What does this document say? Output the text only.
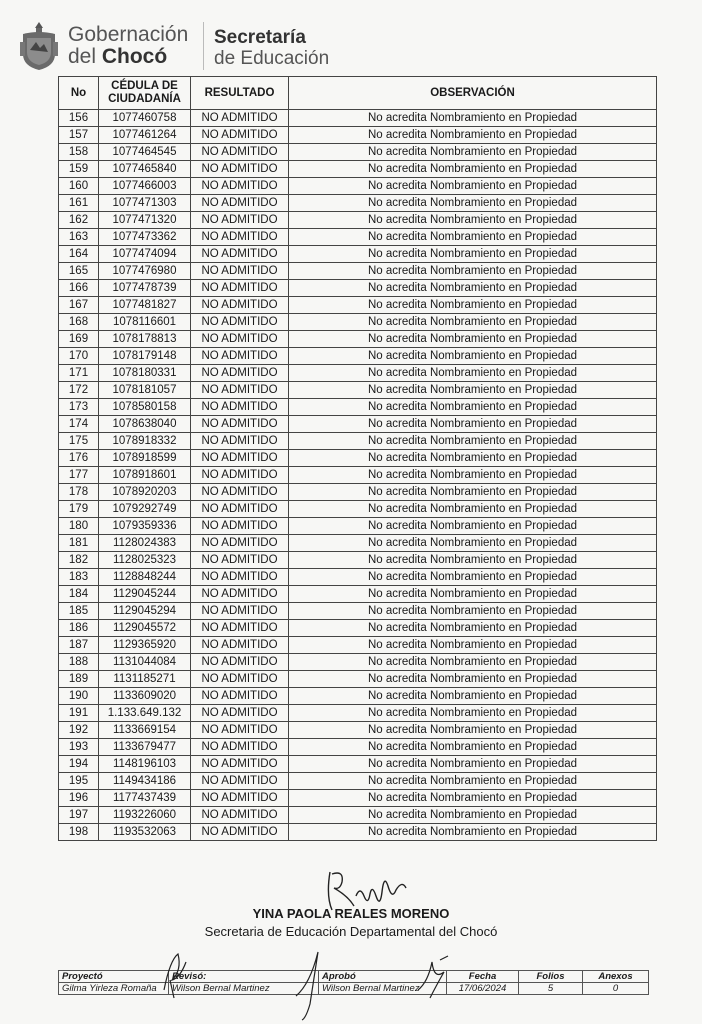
Gobernación
del Chocó
Secretaría
de Educación
No	CÉDULA DE CIUDADANÍA	RESULTADO	OBSERVACIÓN
156	1077460758	NO ADMITIDO	No acredita Nombramiento en Propiedad
157	1077461264	NO ADMITIDO	No acredita Nombramiento en Propiedad
158	1077464545	NO ADMITIDO	No acredita Nombramiento en Propiedad
159	1077465840	NO ADMITIDO	No acredita Nombramiento en Propiedad
160	1077466003	NO ADMITIDO	No acredita Nombramiento en Propiedad
161	1077471303	NO ADMITIDO	No acredita Nombramiento en Propiedad
162	1077471320	NO ADMITIDO	No acredita Nombramiento en Propiedad
163	1077473362	NO ADMITIDO	No acredita Nombramiento en Propiedad
164	1077474094	NO ADMITIDO	No acredita Nombramiento en Propiedad
165	1077476980	NO ADMITIDO	No acredita Nombramiento en Propiedad
166	1077478739	NO ADMITIDO	No acredita Nombramiento en Propiedad
167	1077481827	NO ADMITIDO	No acredita Nombramiento en Propiedad
168	1078116601	NO ADMITIDO	No acredita Nombramiento en Propiedad
169	1078178813	NO ADMITIDO	No acredita Nombramiento en Propiedad
170	1078179148	NO ADMITIDO	No acredita Nombramiento en Propiedad
171	1078180331	NO ADMITIDO	No acredita Nombramiento en Propiedad
172	1078181057	NO ADMITIDO	No acredita Nombramiento en Propiedad
173	1078580158	NO ADMITIDO	No acredita Nombramiento en Propiedad
174	1078638040	NO ADMITIDO	No acredita Nombramiento en Propiedad
175	1078918332	NO ADMITIDO	No acredita Nombramiento en Propiedad
176	1078918599	NO ADMITIDO	No acredita Nombramiento en Propiedad
177	1078918601	NO ADMITIDO	No acredita Nombramiento en Propiedad
178	1078920203	NO ADMITIDO	No acredita Nombramiento en Propiedad
179	1079292749	NO ADMITIDO	No acredita Nombramiento en Propiedad
180	1079359336	NO ADMITIDO	No acredita Nombramiento en Propiedad
181	1128024383	NO ADMITIDO	No acredita Nombramiento en Propiedad
182	1128025323	NO ADMITIDO	No acredita Nombramiento en Propiedad
183	1128848244	NO ADMITIDO	No acredita Nombramiento en Propiedad
184	1129045244	NO ADMITIDO	No acredita Nombramiento en Propiedad
185	1129045294	NO ADMITIDO	No acredita Nombramiento en Propiedad
186	1129045572	NO ADMITIDO	No acredita Nombramiento en Propiedad
187	1129365920	NO ADMITIDO	No acredita Nombramiento en Propiedad
188	1131044084	NO ADMITIDO	No acredita Nombramiento en Propiedad
189	1131185271	NO ADMITIDO	No acredita Nombramiento en Propiedad
190	1133609020	NO ADMITIDO	No acredita Nombramiento en Propiedad
191	1.133.649.132	NO ADMITIDO	No acredita Nombramiento en Propiedad
192	1133669154	NO ADMITIDO	No acredita Nombramiento en Propiedad
193	1133679477	NO ADMITIDO	No acredita Nombramiento en Propiedad
194	1148196103	NO ADMITIDO	No acredita Nombramiento en Propiedad
195	1149434186	NO ADMITIDO	No acredita Nombramiento en Propiedad
196	1177437439	NO ADMITIDO	No acredita Nombramiento en Propiedad
197	1193226060	NO ADMITIDO	No acredita Nombramiento en Propiedad
198	1193532063	NO ADMITIDO	No acredita Nombramiento en Propiedad
YINA PAOLA REALES MORENO
Secretaria de Educación Departamental del Chocó
Proyectó	Revisó:	Aprobó	Fecha	Folios	Anexos
Gilma Yirleza Romaña	Wilson Bernal Martinez	Wilson Bernal Martinez	17/06/2024	5	0
